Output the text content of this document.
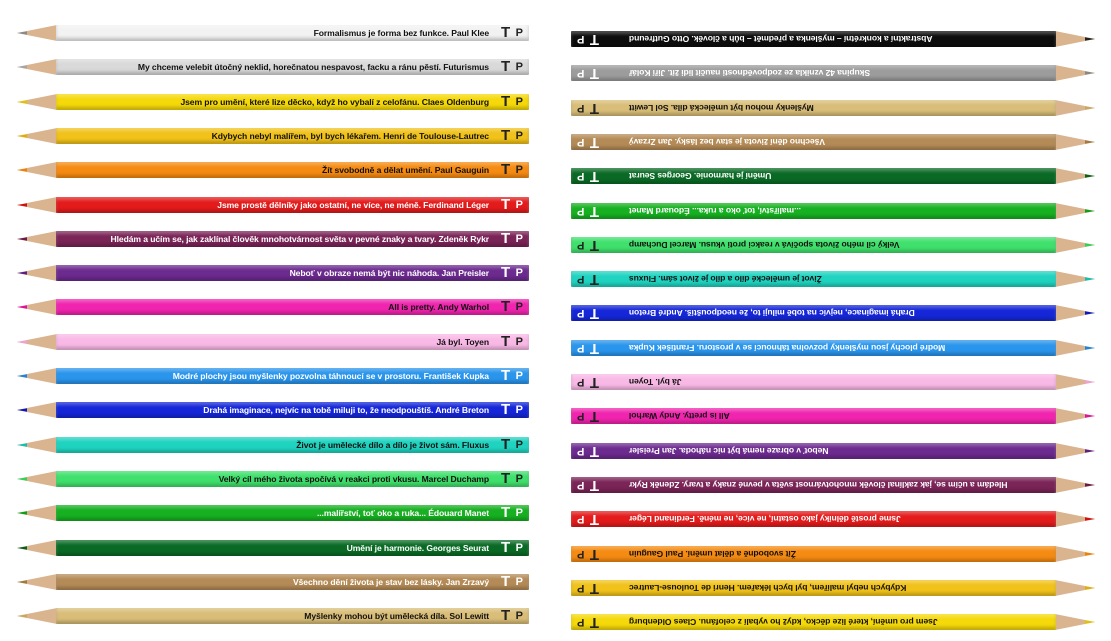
Formalismus je forma bez funkce. Paul Klee T P
My chceme velebit útočný neklid, horečnatou nespavost, facku a ránu pěstí. Futurismus T P
Jsem pro umění, které lize děcko, když ho vybalí z celofánu. Claes Oldenburg T P
Kdybych nebyl malířem, byl bych lékařem. Henri de Toulouse-Lautrec T P
Žít svobodně a dělat umění. Paul Gauguin T P
Jsme prostě dělníky jako ostatní, ne více, ne méně. Ferdinand Léger T P
Hledám a učím se, jak zaklínal člověk mnohotvárnost světa v pevné znaky a tvary. Zdeněk Rykr T P
Neboť v obraze nemá být nic náhoda. Jan Preisler T P
All is pretty. Andy Warhol T P
Já byl. Toyen T P
Modré plochy jsou myšlenky pozvolna táhnoucí se v prostoru. František Kupka T P
Drahá imaginace, nejvíc na tobě miluji to, že neodpouštíš. André Breton T P
Život je umělecké dílo a dílo je život sám. Fluxus T P
Velký cíl mého života spočívá v reakci proti vkusu. Marcel Duchamp T P
...malířství, toť oko a ruka... Édouard Manet T P
Umění je harmonie. Georges Seurat T P
Všechno dění života je stav bez lásky. Jan Zrzavý T P
Myšlenky mohou být umělecká díla. Sol Lewitt T P
Abstraktní a konkrétní – myšlenka a předmět – bůh a člověk. Otto Gutfreund
T
P
Skupina 42 vznikla ze zodpovědnosti naučit lidi žít. Jiří Kolář
T
P
Myšlenky mohou být umělecká díla. Sol Lewitt
T
P
Všechno dění života je stav bez lásky. Jan Zrzavý
T
P
Umění je harmonie. Georges Seurat
T
P
...malířství, toť oko a ruka... Édouard Manet
T
P
Velký cíl mého života spočívá v reakci proti vkusu. Marcel Duchamp
T
P
Život je umělecké dílo a dílo je život sám. Fluxus
T
P
Drahá imaginace, nejvíc na tobě miluji to, že neodpouštíš. André Breton
T
P
Modré plochy jsou myšlenky pozvolna táhnoucí se v prostoru. František Kupka
T
P
Já byl. Toyen
T
P
All is pretty. Andy Warhol
T
P
Neboť v obraze nemá být nic náhoda. Jan Preisler
T
P
Hledám a učím se, jak zaklínal člověk mnohotvárnost světa v pevné znaky a tvary. Zdeněk Rykr
T
P
Jsme prostě dělníky jako ostatní, ne více, ne méně. Ferdinand Léger
T
P
Žít svobodně a dělat umění. Paul Gauguin
T
P
Kdybych nebyl malířem, byl bych lékařem. Henri de Toulouse-Lautrec
T
P
Jsem pro umění, které lize děcko, když ho vybalí z celofánu. Claes Oldenburg
T
P
